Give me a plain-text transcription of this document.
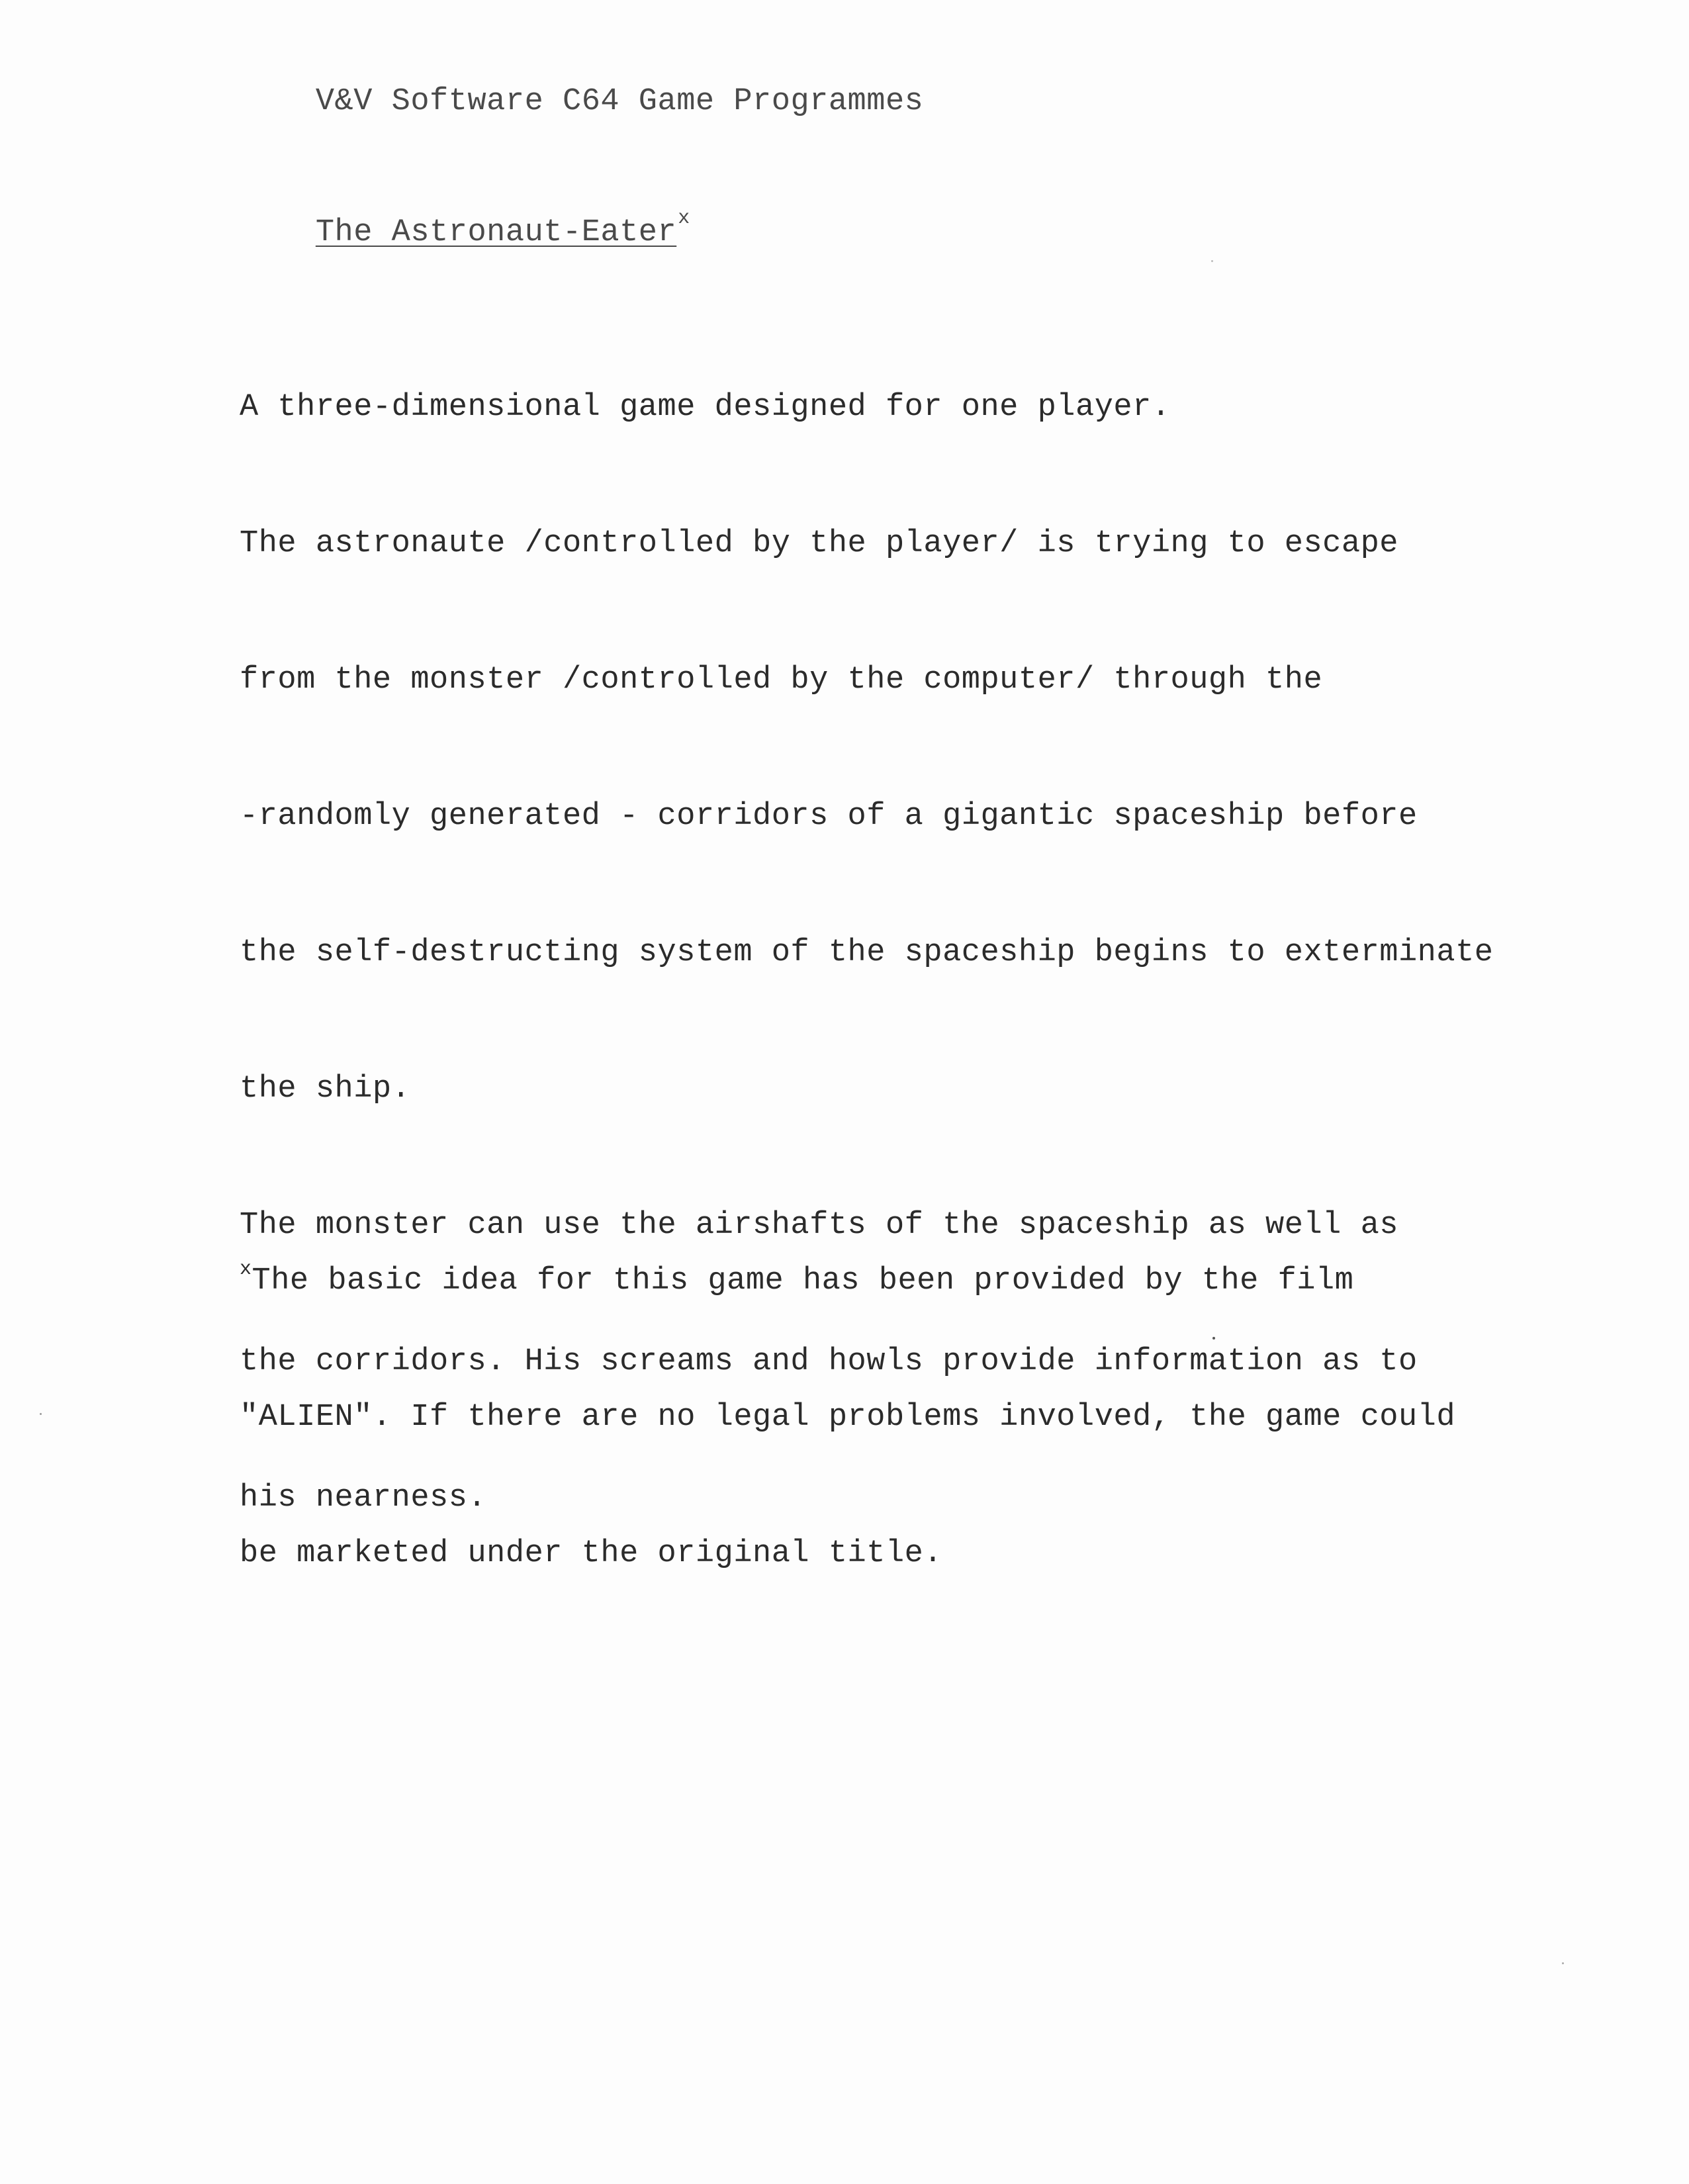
V&V Software C64 Game Programmes

The Astronaut-Eater$^x$

A three-dimensional game designed for one player.

The astronaute /controlled by the player/ is trying to escape

from the monster /controlled by the computer/ through the

-randomly generated - corridors of a gigantic spaceship before

the self-destructing system of the spaceship begins to exterminate

the ship.

The monster can use the airshafts of the spaceship as well as

the corridors. His screams and howls provide information as to

his nearness.

$^x$The basic idea for this game has been provided by the film

"ALIEN". If there are no legal problems involved, the game could

be marketed under the original title.
